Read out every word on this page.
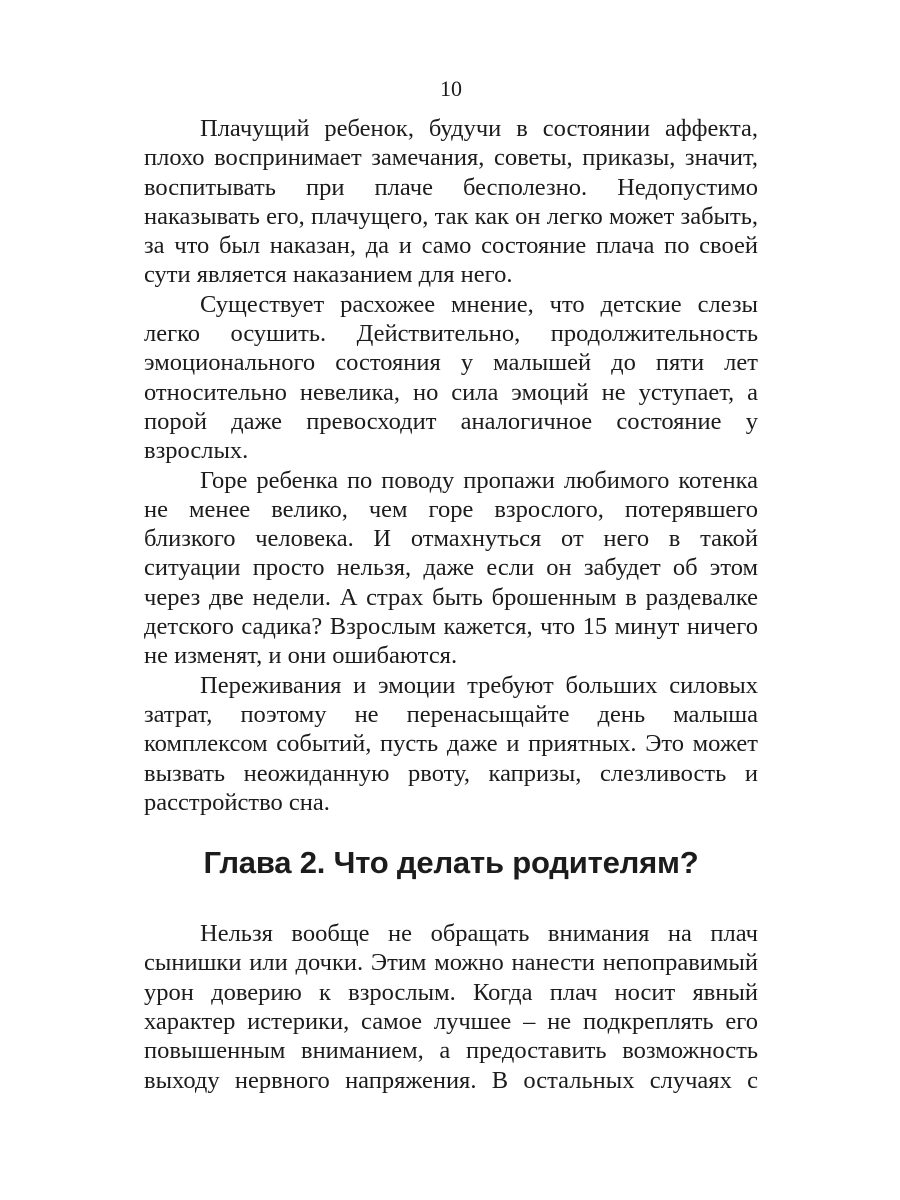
10

Плачущий ребенок, будучи в состоянии аффекта, плохо воспринимает замечания, советы, приказы, значит, воспитывать при плаче бесполезно. Недопустимо наказывать его, плачущего, так как он легко может забыть, за что был наказан, да и само состояние плача по своей сути является наказанием для него.

Существует расхожее мнение, что детские слезы легко осушить. Действительно, продолжительность эмоционального состояния у малышей до пяти лет относительно невелика, но сила эмоций не уступает, а порой даже превосходит аналогичное состояние у взрослых.

Горе ребенка по поводу пропажи любимого котенка не менее велико, чем горе взрослого, потерявшего близкого человека. И отмахнуться от него в такой ситуации просто нельзя, даже если он забудет об этом через две недели. А страх быть брошенным в раздевалке детского садика? Взрослым кажется, что 15 минут ничего не изменят, и они ошибаются.

Переживания и эмоции требуют больших силовых затрат, поэтому не перенасыщайте день малыша комплексом событий, пусть даже и приятных. Это может вызвать неожиданную рвоту, капризы, слезливость и расстройство сна.

Глава 2. Что делать родителям?

Нельзя вообще не обращать внимания на плач сынишки или дочки. Этим можно нанести непоправимый урон доверию к взрослым. Когда плач носит явный характер истерики, самое лучшее – не подкреплять его повышенным вниманием, а предоставить возможность выходу нервного напряжения. В остальных случаях с
